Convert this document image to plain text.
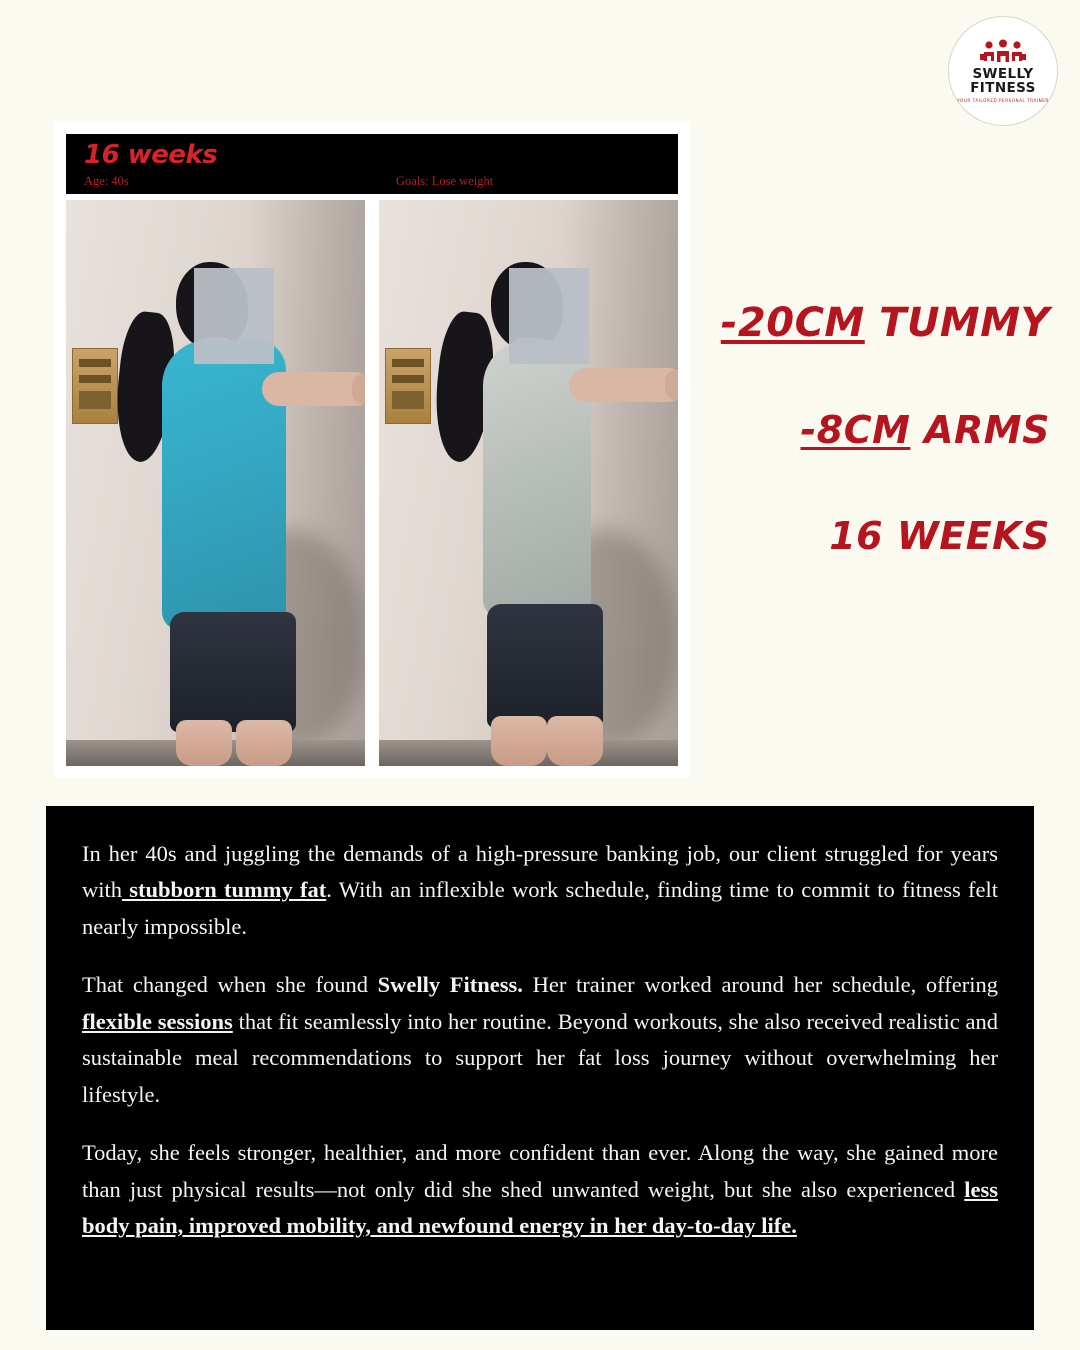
SWELLY FITNESS
YOUR TAILORED PERSONAL TRAINER
16 weeks
Age: 40s	Goals: Lose weight
-20CM TUMMY
-8CM ARMS
16 WEEKS

In her 40s and juggling the demands of a high-pressure banking job, our client struggled for years with stubborn tummy fat. With an inflexible work schedule, finding time to commit to fitness felt nearly impossible.

That changed when she found Swelly Fitness. Her trainer worked around her schedule, offering flexible sessions that fit seamlessly into her routine. Beyond workouts, she also received realistic and sustainable meal recommendations to support her fat loss journey without overwhelming her lifestyle.

Today, she feels stronger, healthier, and more confident than ever. Along the way, she gained more than just physical results—not only did she shed unwanted weight, but she also experienced less body pain, improved mobility, and newfound energy in her day-to-day life.
